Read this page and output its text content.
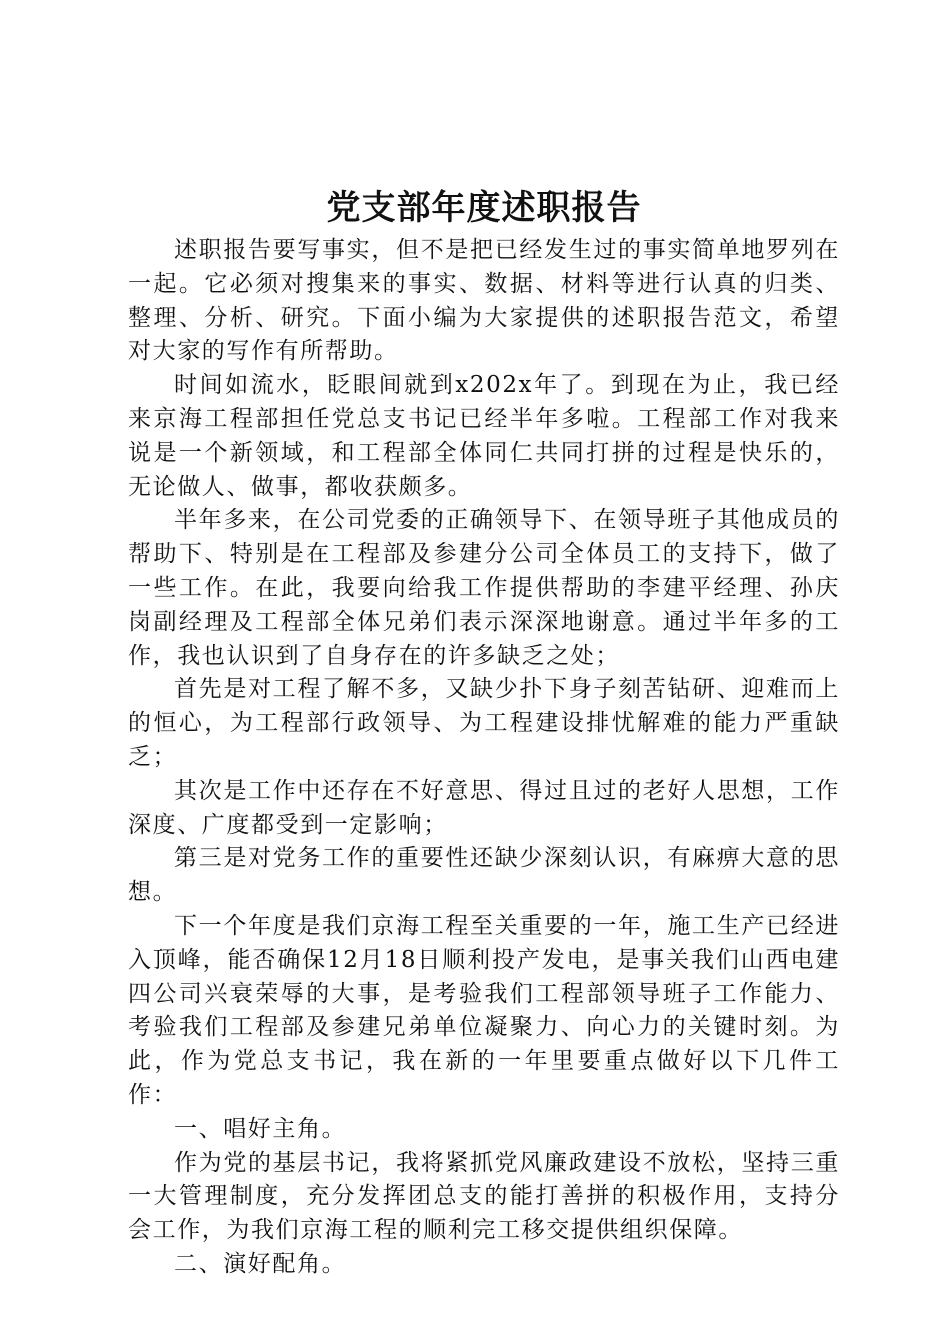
党支部年度述职报告

述职报告要写事实，但不是把已经发生过的事实简单地罗列在一起。它必须对搜集来的事实、数据、材料等进行认真的归类、整理、分析、研究。下面小编为大家提供的述职报告范文，希望对大家的写作有所帮助。

时间如流水，眨眼间就到x202x年了。到现在为止，我已经来京海工程部担任党总支书记已经半年多啦。工程部工作对我来说是一个新领域，和工程部全体同仁共同打拼的过程是快乐的，无论做人、做事，都收获颇多。

半年多来，在公司党委的正确领导下、在领导班子其他成员的帮助下、特别是在工程部及参建分公司全体员工的支持下，做了一些工作。在此，我要向给我工作提供帮助的李建平经理、孙庆岗副经理及工程部全体兄弟们表示深深地谢意。通过半年多的工作，我也认识到了自身存在的许多缺乏之处；

首先是对工程了解不多，又缺少扑下身子刻苦钻研、迎难而上的恒心，为工程部行政领导、为工程建设排忧解难的能力严重缺乏；

其次是工作中还存在不好意思、得过且过的老好人思想，工作深度、广度都受到一定影响；

第三是对党务工作的重要性还缺少深刻认识，有麻痹大意的思想。

下一个年度是我们京海工程至关重要的一年，施工生产已经进入顶峰，能否确保12月18日顺利投产发电，是事关我们山西电建四公司兴衰荣辱的大事，是考验我们工程部领导班子工作能力、考验我们工程部及参建兄弟单位凝聚力、向心力的关键时刻。为此，作为党总支书记，我在新的一年里要重点做好以下几件工作：

一、唱好主角。

作为党的基层书记，我将紧抓党风廉政建设不放松，坚持三重一大管理制度，充分发挥团总支的能打善拼的积极作用，支持分会工作，为我们京海工程的顺利完工移交提供组织保障。

二、演好配角。
